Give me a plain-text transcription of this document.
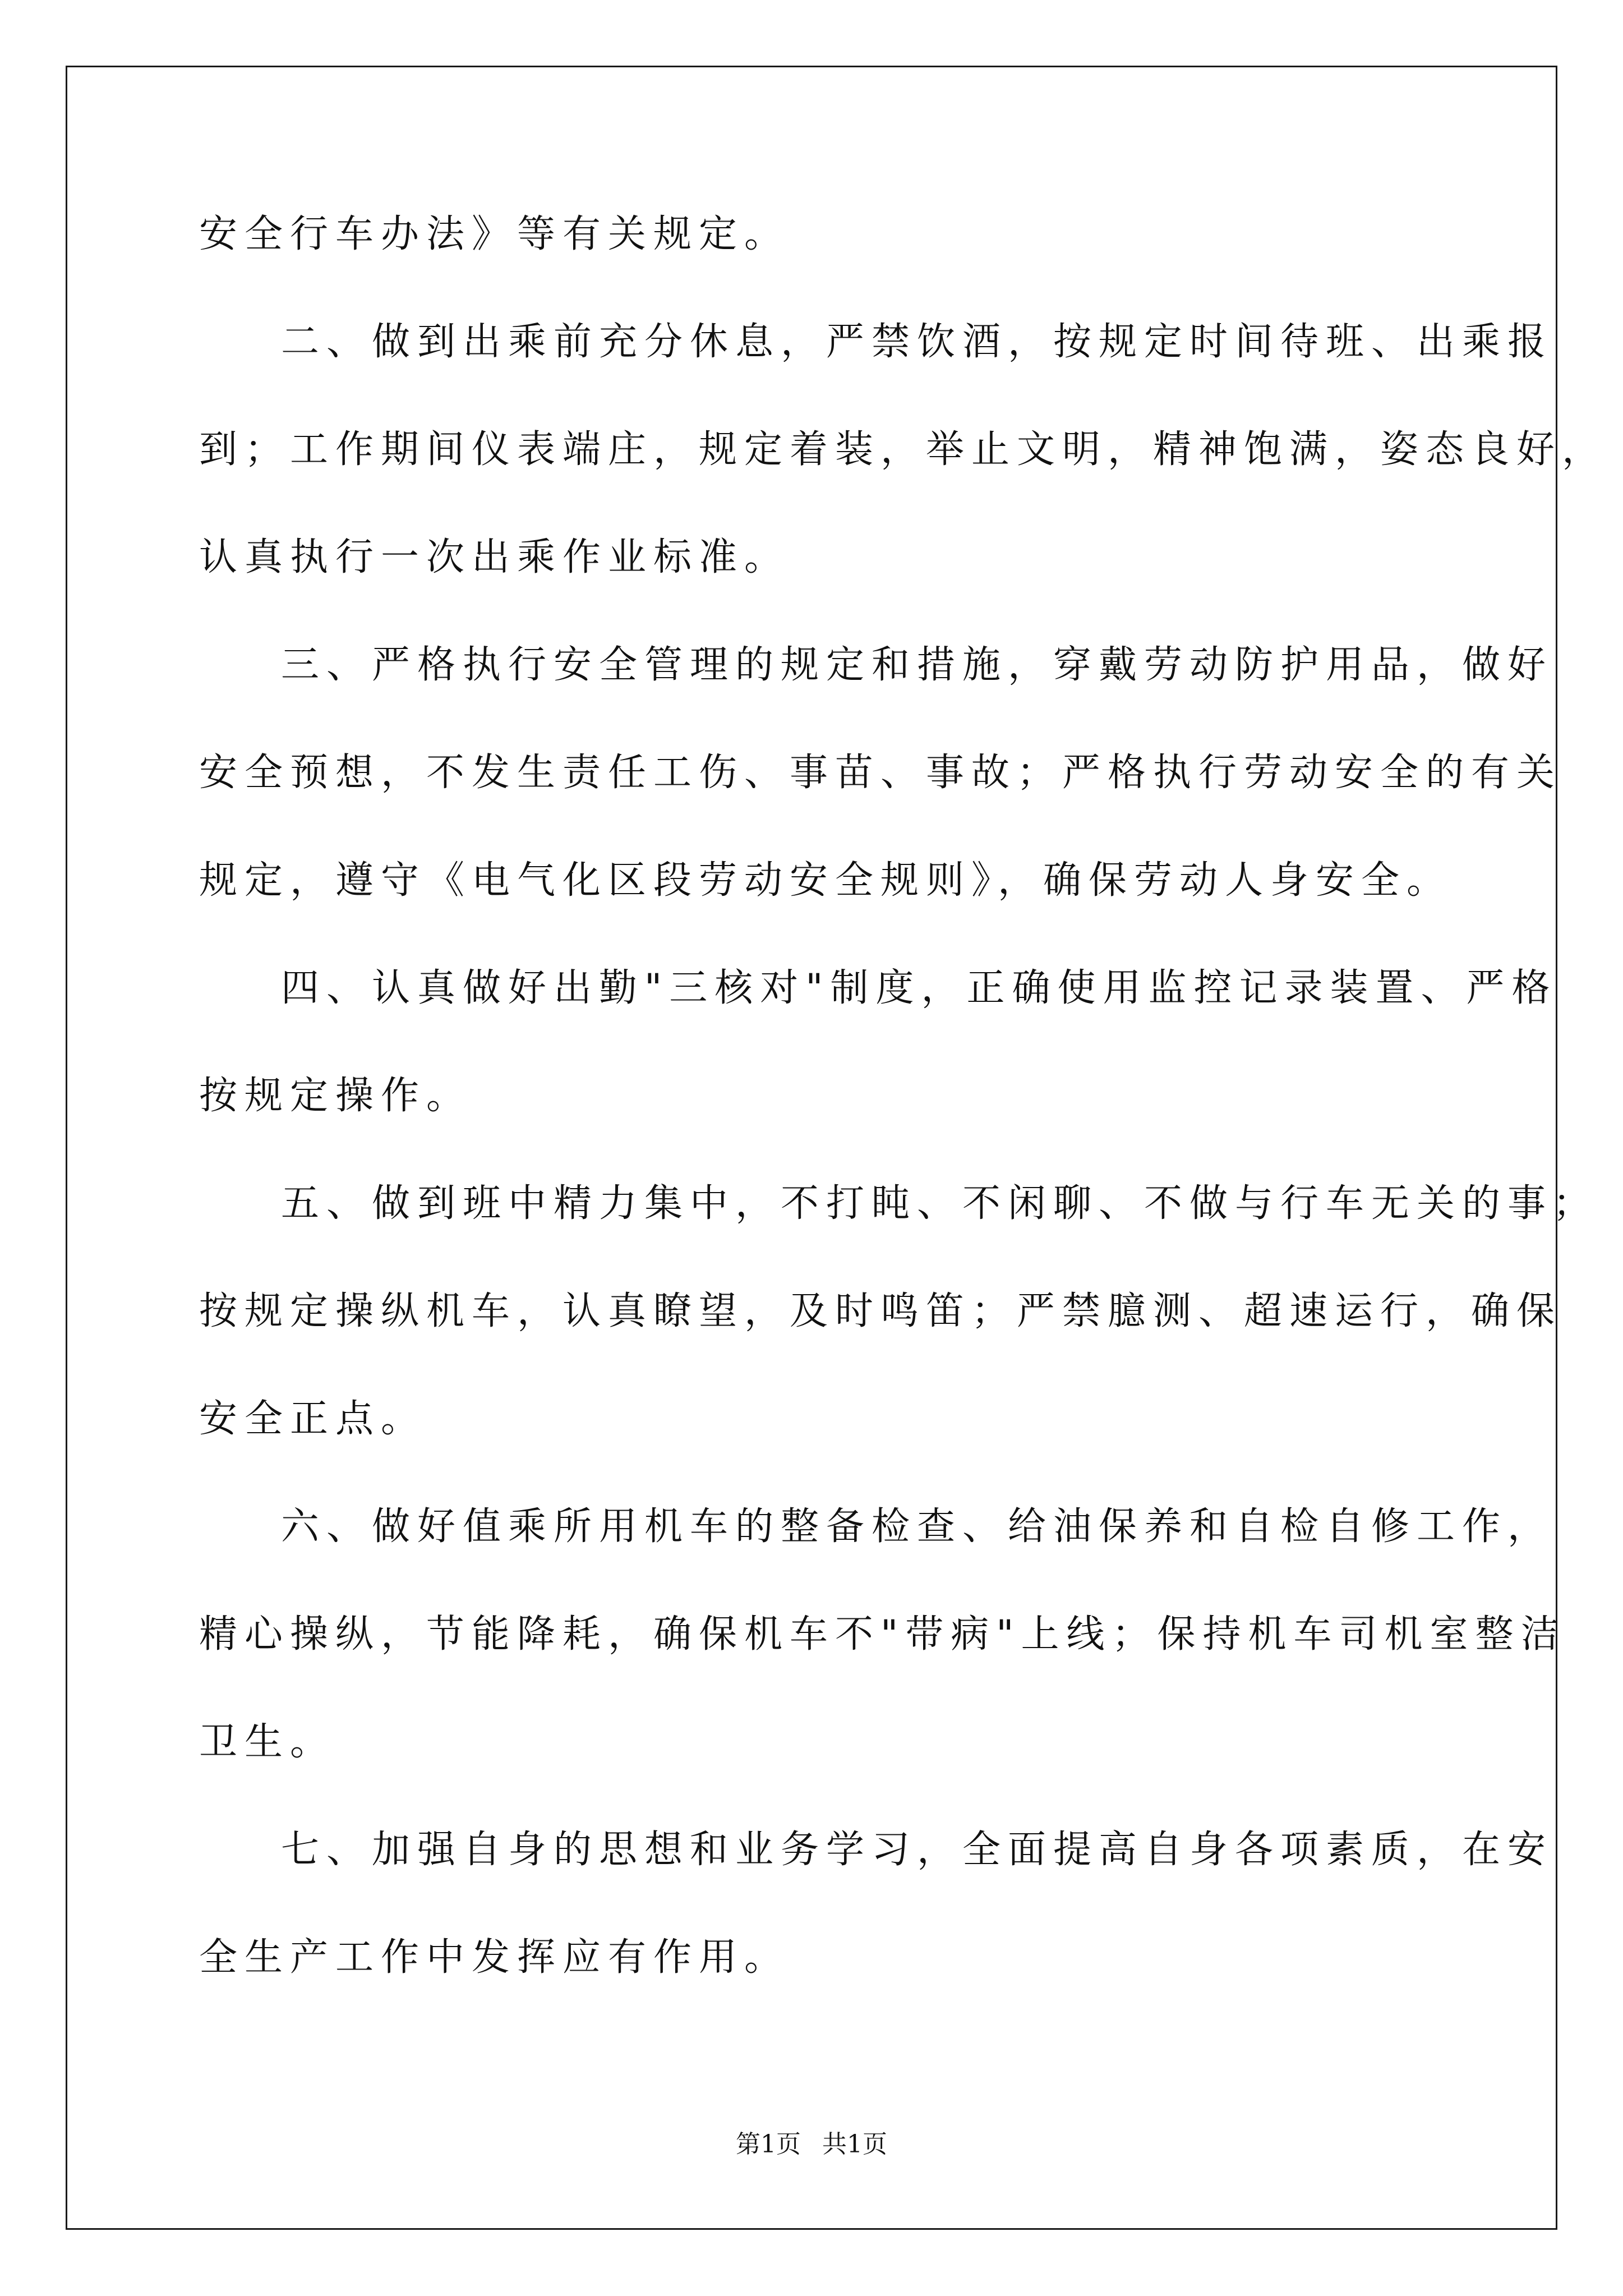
安全行车办法》等有关规定。
二、做到出乘前充分休息，严禁饮酒，按规定时间待班、出乘报
到；工作期间仪表端庄，规定着装，举止文明，精神饱满，姿态良好，
认真执行一次出乘作业标准。
三、严格执行安全管理的规定和措施，穿戴劳动防护用品，做好
安全预想，不发生责任工伤、事苗、事故；严格执行劳动安全的有关
规定，遵守《电气化区段劳动安全规则》，确保劳动人身安全。
四、认真做好出勤"三核对"制度，正确使用监控记录装置、严格
按规定操作。
五、做到班中精力集中，不打盹、不闲聊、不做与行车无关的事；
按规定操纵机车，认真瞭望，及时鸣笛；严禁臆测、超速运行，确保
安全正点。
六、做好值乘所用机车的整备检查、给油保养和自检自修工作，
精心操纵，节能降耗，确保机车不"带病"上线；保持机车司机室整洁
卫生。
七、加强自身的思想和业务学习，全面提高自身各项素质，在安
全生产工作中发挥应有作用。
第1页 共1页
